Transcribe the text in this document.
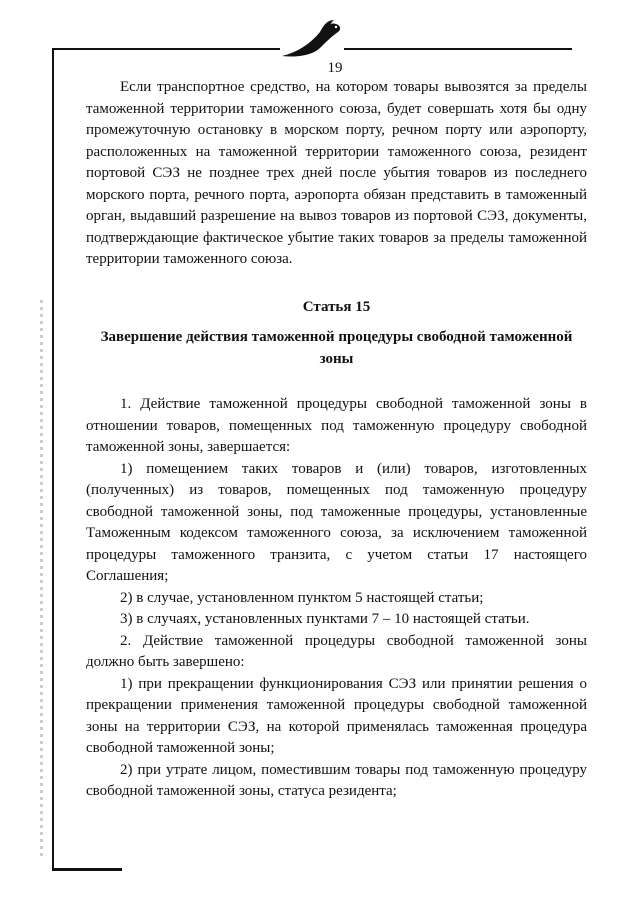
19

Если транспортное средство, на котором товары вывозятся за пределы таможенной территории таможенного союза, будет совершать хотя бы одну промежуточную остановку в морском порту, речном порту или аэропорту, расположенных на таможенной территории таможенного союза, резидент портовой СЭЗ не позднее трех дней после убытия товаров из последнего морского порта, речного порта, аэропорта обязан представить в таможенный орган, выдавший разрешение на вывоз товаров из портовой СЭЗ, документы, подтверждающие фактическое убытие таких товаров за пределы таможенной территории таможенного союза.

Статья 15
Завершение действия таможенной процедуры свободной таможенной зоны

1. Действие таможенной процедуры свободной таможенной зоны в отношении товаров, помещенных под таможенную процедуру свободной таможенной зоны, завершается:

1) помещением таких товаров и (или) товаров, изготовленных (полученных) из товаров, помещенных под таможенную процедуру свободной таможенной зоны, под таможенные процедуры, установленные Таможенным кодексом таможенного союза, за исключением таможенной процедуры таможенного транзита, с учетом статьи 17 настоящего Соглашения;

2) в случае, установленном пунктом 5 настоящей статьи;

3) в случаях, установленных пунктами 7 – 10 настоящей статьи.

2. Действие таможенной процедуры свободной таможенной зоны должно быть завершено:

1) при прекращении функционирования СЭЗ или принятии решения о прекращении применения таможенной процедуры свободной таможенной зоны на территории СЭЗ, на которой применялась таможенная процедура свободной таможенной зоны;

2) при утрате лицом, поместившим товары под таможенную процедуру свободной таможенной зоны, статуса резидента;
